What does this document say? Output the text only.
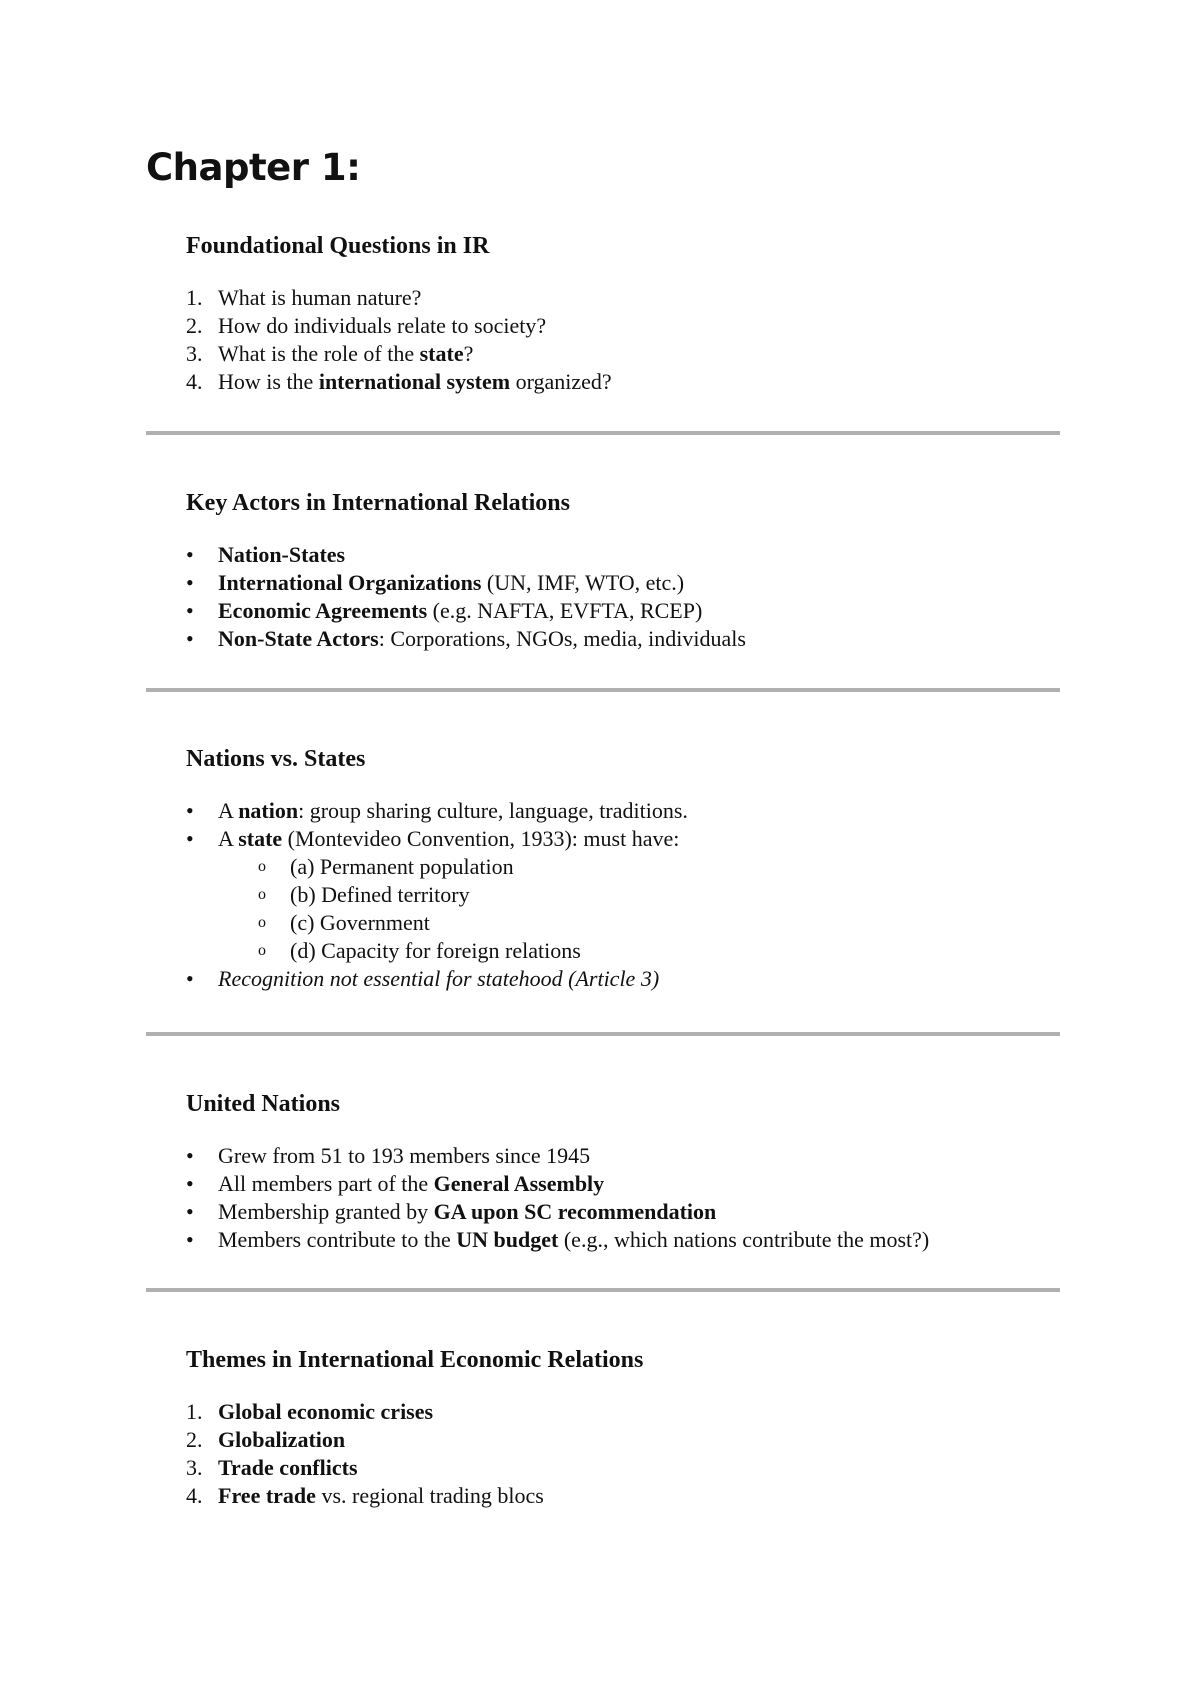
Chapter 1:
Foundational Questions in IR
1. What is human nature?
2. How do individuals relate to society?
3. What is the role of the state?
4. How is the international system organized?
Key Actors in International Relations
• Nation-States
• International Organizations (UN, IMF, WTO, etc.)
• Economic Agreements (e.g. NAFTA, EVFTA, RCEP)
• Non-State Actors: Corporations, NGOs, media, individuals
Nations vs. States
• A nation: group sharing culture, language, traditions.
• A state (Montevideo Convention, 1933): must have:
o (a) Permanent population
o (b) Defined territory
o (c) Government
o (d) Capacity for foreign relations
• Recognition not essential for statehood (Article 3)
United Nations
• Grew from 51 to 193 members since 1945
• All members part of the General Assembly
• Membership granted by GA upon SC recommendation
• Members contribute to the UN budget (e.g., which nations contribute the most?)
Themes in International Economic Relations
1. Global economic crises
2. Globalization
3. Trade conflicts
4. Free trade vs. regional trading blocs
